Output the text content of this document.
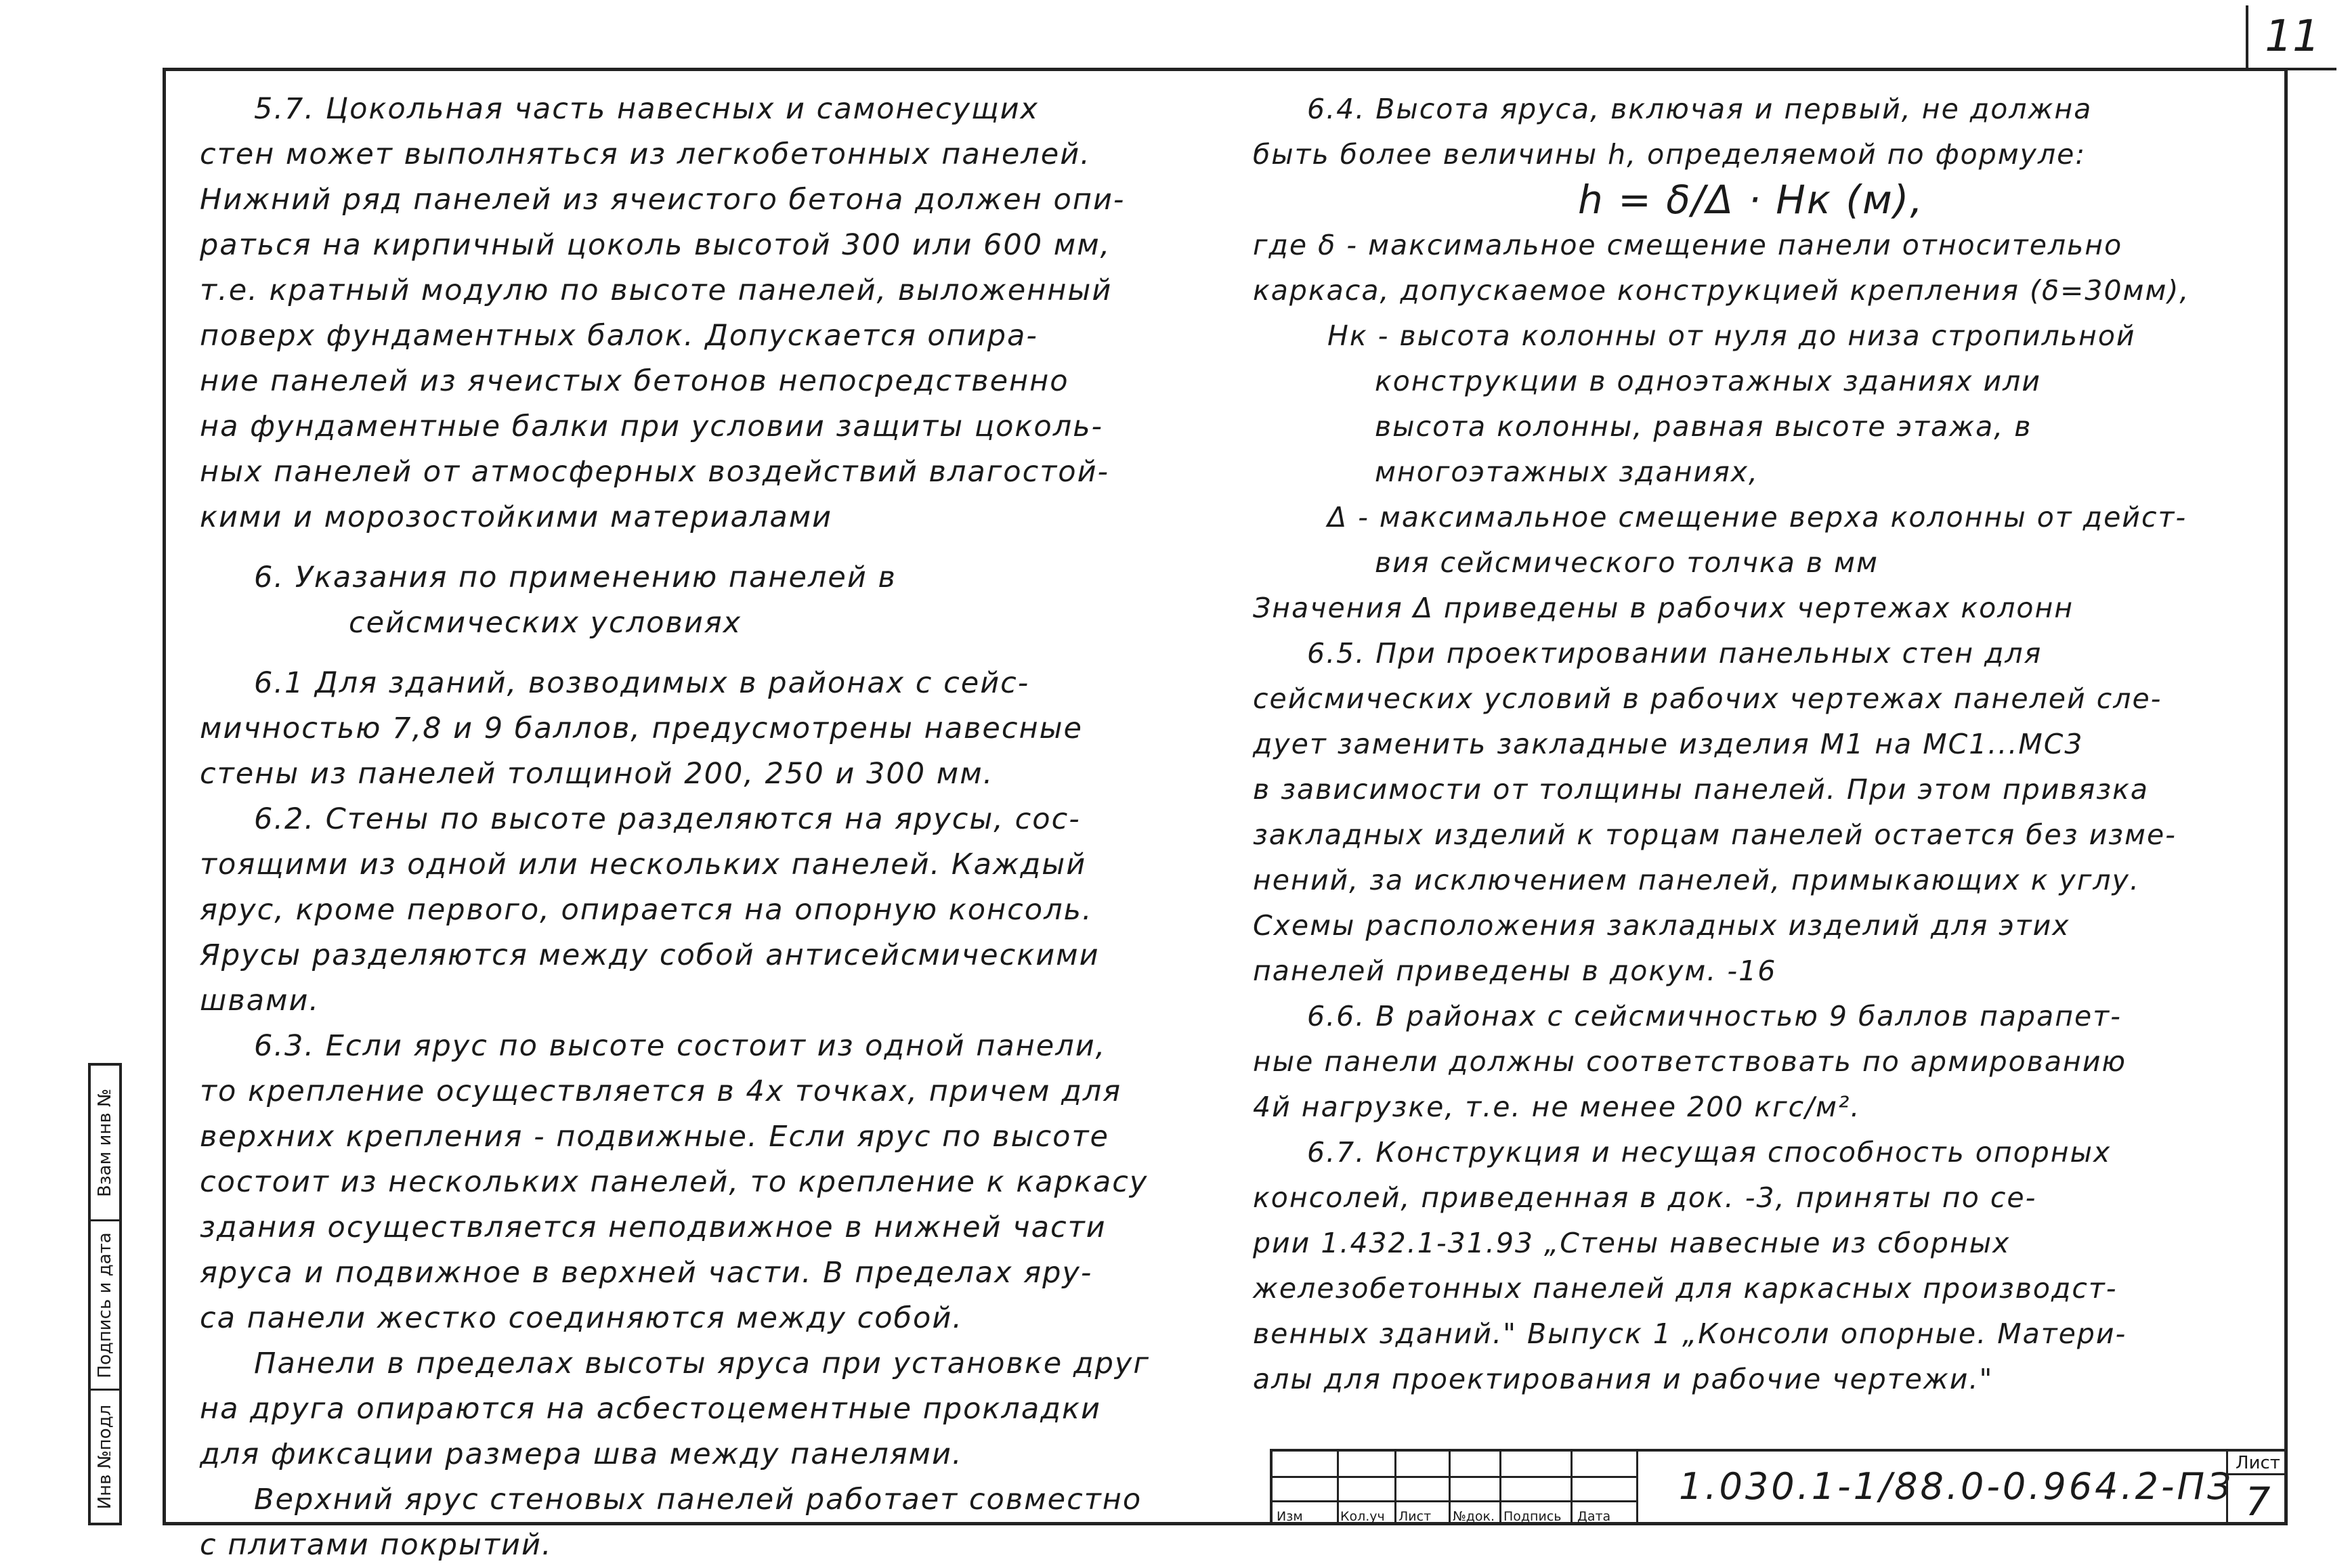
11

5.7. Цокольная часть навесных и самонесущих

стен может выполняться из легкобетонных панелей.

Нижний ряд панелей из ячеистого бетона должен опи-

раться на кирпичный цоколь высотой 300 или 600 мм,

т.е. кратный модулю по высоте панелей, выложенный

поверх фундаментных балок. Допускается опира-

ние панелей из ячеистых бетонов непосредственно

на фундаментные балки при условии защиты цоколь-

ных панелей от атмосферных воздействий влагостой-

кими и морозостойкими материалами

6. Указания по применению панелей в

сейсмических условиях

6.1 Для зданий, возводимых в районах с сейс-

мичностью 7,8 и 9 баллов, предусмотрены навесные

стены из панелей толщиной 200, 250 и 300 мм.

6.2. Стены по высоте разделяются на ярусы, сос-

тоящими из одной или нескольких панелей. Каждый

ярус, кроме первого, опирается на опорную консоль.

Ярусы разделяются между собой антисейсмическими

швами.

6.3. Если ярус по высоте состоит из одной панели,

то крепление осуществляется в 4х точках, причем для

верхних крепления - подвижные. Если ярус по высоте

состоит из нескольких панелей, то крепление к каркасу

здания осуществляется неподвижное в нижней части

яруса и подвижное в верхней части. В пределах яру-

са панели жестко соединяются между собой.

Панели в пределах высоты яруса при установке друг

на друга опираются на асбестоцементные прокладки

для фиксации размера шва между панелями.

Верхний ярус стеновых панелей работает совместно

с плитами покрытий.

6.4. Высота яруса, включая и первый, не должна

быть более величины h, определяемой по формуле:

h = δ/Δ · Hк (м),

где δ - максимальное смещение панели относительно

каркаса, допускаемое конструкцией крепления (δ=30мм),

Hк - высота колонны от нуля до низа стропильной

конструкции в одноэтажных зданиях или

высота колонны, равная высоте этажа, в

многоэтажных зданиях,

Δ - максимальное смещение верха колонны от дейст-

вия сейсмического толчка в мм

Значения Δ приведены в рабочих чертежах колонн

6.5. При проектировании панельных стен для

сейсмических условий в рабочих чертежах панелей сле-

дует заменить закладные изделия М1 на МС1...МС3

в зависимости от толщины панелей. При этом привязка

закладных изделий к торцам панелей остается без изме-

нений, за исключением панелей, примыкающих к углу.

Схемы расположения закладных изделий для этих

панелей приведены в докум. -16

6.6. В районах с сейсмичностью 9 баллов парапет-

ные панели должны соответствовать по армированию

4й нагрузке, т.е. не менее 200 кгс/м².

6.7. Конструкция и несущая способность опорных

консолей, приведенная в док. -3, приняты по се-

рии 1.432.1-31.93 „Стены навесные из сборных

железобетонных панелей для каркасных производст-

венных зданий." Выпуск 1 „Консоли опорные. Матери-

алы для проектирования и рабочие чертежи."

Взам инв №
Подпись и дата
Инв №подл
Изм	Кол.уч Лист №док. Подпись Дата
1.030.1-1/88.0-0.964.2-ПЗ
Лист
7
